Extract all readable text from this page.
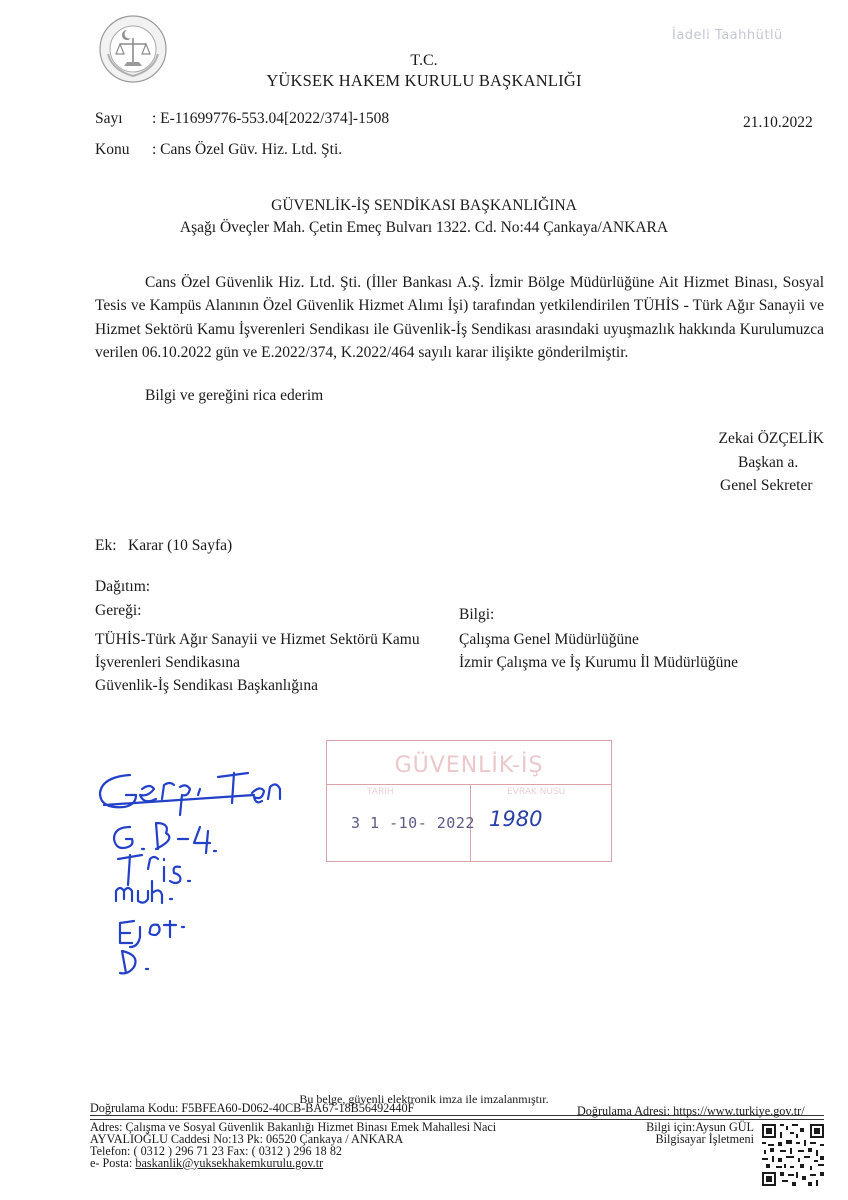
İadeli Taahhütlü
T.C.
YÜKSEK HAKEM KURULU BAŞKANLIĞI
Sayı : E-11699776-553.04[2022/374]-1508	21.10.2022
Konu : Cans Özel Güv. Hiz. Ltd. Şti.
GÜVENLİK-İŞ SENDİKASI BAŞKANLIĞINA
Aşağı Öveçler Mah. Çetin Emeç Bulvarı 1322. Cd. No:44 Çankaya/ANKARA
Cans Özel Güvenlik Hiz. Ltd. Şti. (İller Bankası A.Ş. İzmir Bölge Müdürlüğüne Ait Hizmet Binası, Sosyal Tesis ve Kampüs Alanının Özel Güvenlik Hizmet Alımı İşi) tarafından yetkilendirilen TÜHİS - Türk Ağır Sanayii ve Hizmet Sektörü Kamu İşverenleri Sendikası ile Güvenlik-İş Sendikası arasındaki uyuşmazlık hakkında Kurulumuzca verilen 06.10.2022 gün ve E.2022/374, K.2022/464 sayılı karar ilişikte gönderilmiştir.
Bilgi ve gereğini rica ederim
Zekai ÖZÇELİK
Başkan a.
Genel Sekreter
Ek: Karar (10 Sayfa)
Dağıtım:
Gereği:
TÜHİS-Türk Ağır Sanayii ve Hizmet Sektörü Kamu
İşverenleri Sendikasına
Güvenlik-İş Sendikası Başkanlığına
Bilgi:
Çalışma Genel Müdürlüğüne
İzmir Çalışma ve İş Kurumu İl Müdürlüğüne
GÜVENLİK-İŞ
TARİH	EVRAK NUSU
3 1 -10- 2022 1980
Bu belge, güvenli elektronik imza ile imzalanmıştır.
Doğrulama Kodu: F5BFEA60-D062-40CB-BA67-18B56492440F	Doğrulama Adresi: https://www.turkiye.gov.tr/
Adres: Çalışma ve Sosyal Güvenlik Bakanlığı Hizmet Binası Emek Mahallesi Naci
AYVALIOĞLU Caddesi No:13 Pk: 06520 Çankaya / ANKARA
Telefon: ( 0312 ) 296 71 23 Fax: ( 0312 ) 296 18 82
e- Posta: baskanlik@yuksekhakemkurulu.gov.tr
Bilgi için:Aysun GÜL
Bilgisayar İşletmeni
